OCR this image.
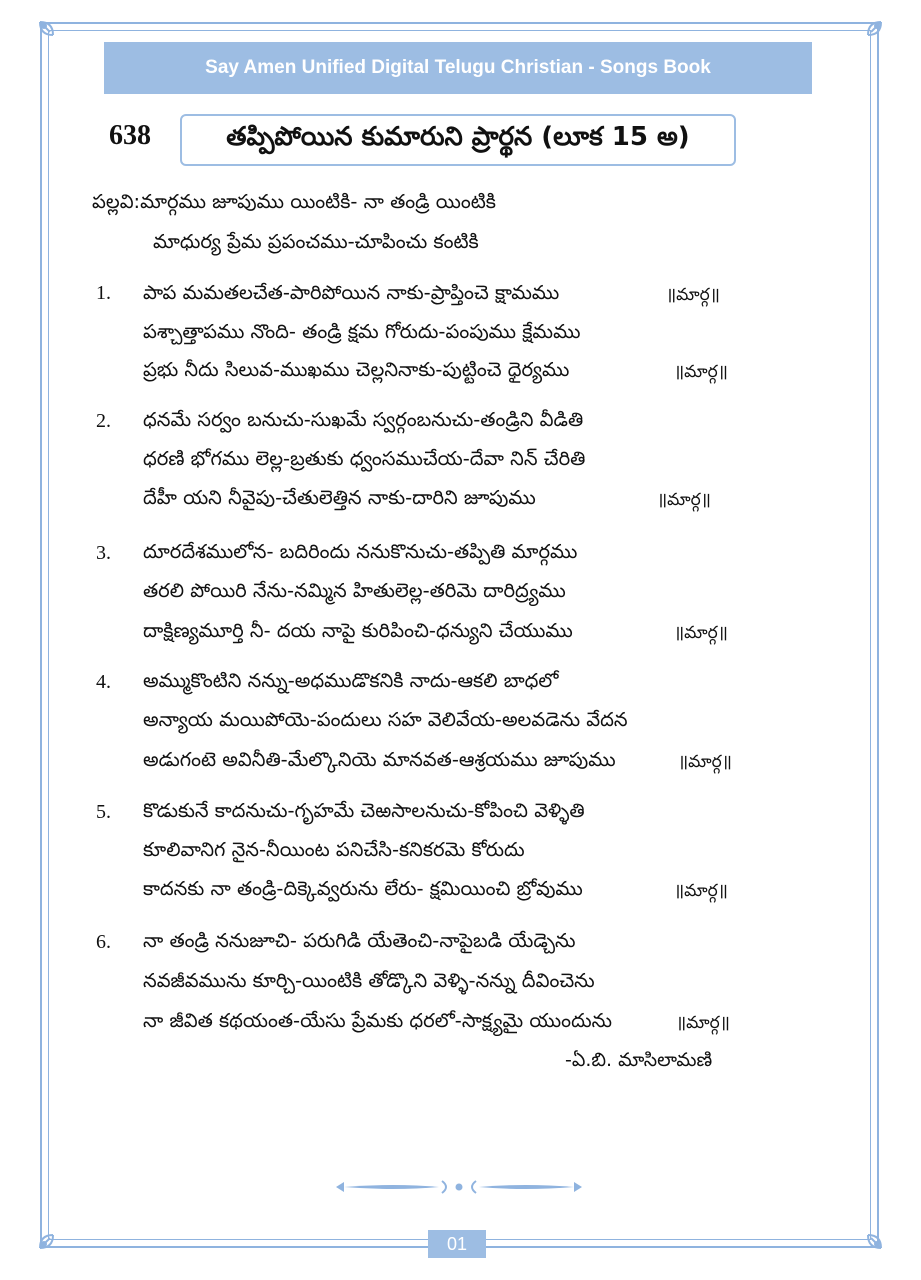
Say Amen Unified Digital Telugu Christian - Songs Book
638	తప్పిపోయిన కుమారుని ప్రార్థన (లూక 15 అ)
పల్లవి:మార్గము జూపుము యింటికి- నా తండ్రి యింటికి
మాధుర్య ప్రేమ ప్రపంచము-చూపించు కంటికి
1. పాప మమతలచేత-పారిపోయిన నాకు-ప్రాప్తించె క్షామము	॥మార్గ॥
పశ్చాత్తాపము నొంది- తండ్రి క్షమ గోరుదు-పంపుము క్షేమము
ప్రభు నీదు సిలువ-ముఖము చెల్లనినాకు-పుట్టించె ధైర్యము	॥మార్గ॥
2. ధనమే సర్వం బనుచు-సుఖమే స్వర్గంబనుచు-తండ్రిని వీడితి
ధరణి భోగము లెల్ల-బ్రతుకు ధ్వంసముచేయ-దేవా నిన్ చేరితి
దేహీ యని నీవైపు-చేతులెత్తిన నాకు-దారిని జూపుము	॥మార్గ॥
3. దూరదేశములోన- బదిరిందు ననుకొనుచు-తప్పితి మార్గము
తరలి పోయిరి నేను-నమ్మిన హితులెల్ల-తరిమె దారిద్ర్యము
దాక్షిణ్యమూర్తి నీ- దయ నాపై కురిపించి-ధన్యుని చేయుము	॥మార్గ॥
4. అమ్ముకొంటిని నన్ను-అధముడొకనికి నాదు-ఆకలి బాధలో
అన్యాయ మయిపోయె-పందులు సహ వెలివేయ-అలవడెను వేదన
అడుగంటె అవినీతి-మేల్కొనియె మానవత-ఆశ్రయము జూపుము	॥మార్గ॥
5. కొడుకునే కాదనుచు-గృహమే చెఱసాలనుచు-కోపించి వెళ్ళితి
కూలివానిగ నైన-నీయింట పనిచేసి-కనికరమె కోరుదు
కాదనకు నా తండ్రి-దిక్కెవ్వరును లేరు- క్షమియించి బ్రోవుము	॥మార్గ॥
6. నా తండ్రి ననుజూచి- పరుగిడి యేతెంచి-నాపైబడి యేడ్చెను
నవజీవమును కూర్చి-యింటికి తోడ్కొని వెళ్ళి-నన్ను దీవించెను
నా జీవిత కథయంత-యేసు ప్రేమకు ధరలో-సాక్ష్యమై యుందును	॥మార్గ॥
-ఏ.బి. మాసిలామణి
01
